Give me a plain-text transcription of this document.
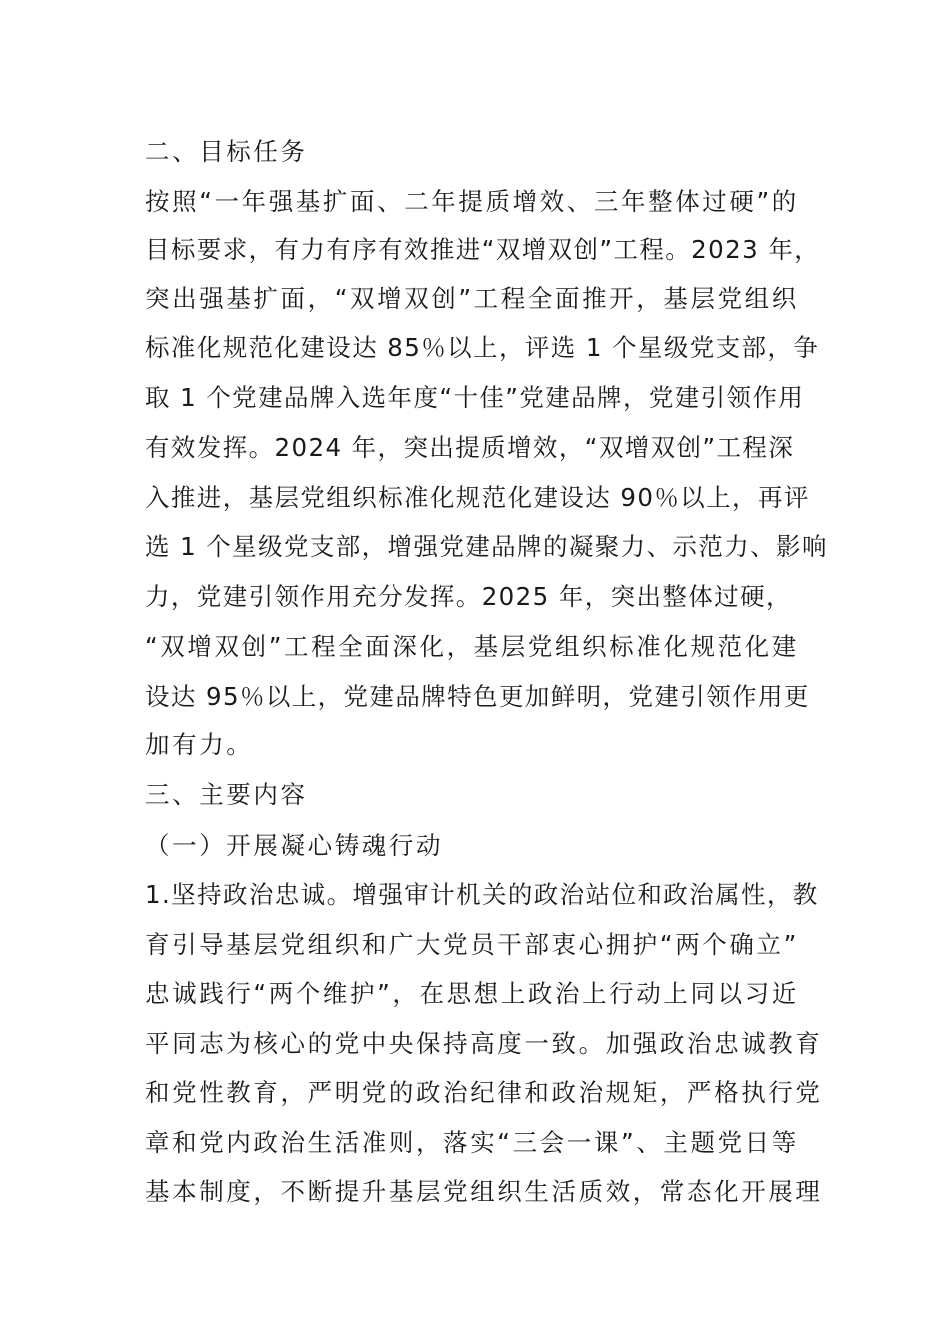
二、目标任务
按照“一年强基扩面、二年提质增效、三年整体过硬”的
目标要求，有力有序有效推进“双增双创”工程。2023 年，
突出强基扩面，“双增双创”工程全面推开，基层党组织
标准化规范化建设达 85％以上，评选 1 个星级党支部，争
取 1 个党建品牌入选年度“十佳”党建品牌，党建引领作用
有效发挥。2024 年，突出提质增效，“双增双创”工程深
入推进，基层党组织标准化规范化建设达 90％以上，再评
选 1 个星级党支部，增强党建品牌的凝聚力、示范力、影响
力，党建引领作用充分发挥。2025 年，突出整体过硬，
“双增双创”工程全面深化，基层党组织标准化规范化建
设达 95％以上，党建品牌特色更加鲜明，党建引领作用更
加有力。
三、主要内容
（一）开展凝心铸魂行动
1.坚持政治忠诚。增强审计机关的政治站位和政治属性，教
育引导基层党组织和广大党员干部衷心拥护“两个确立”
忠诚践行“两个维护”，在思想上政治上行动上同以习近
平同志为核心的党中央保持高度一致。加强政治忠诚教育
和党性教育，严明党的政治纪律和政治规矩，严格执行党
章和党内政治生活准则，落实“三会一课”、主题党日等
基本制度，不断提升基层党组织生活质效，常态化开展理
